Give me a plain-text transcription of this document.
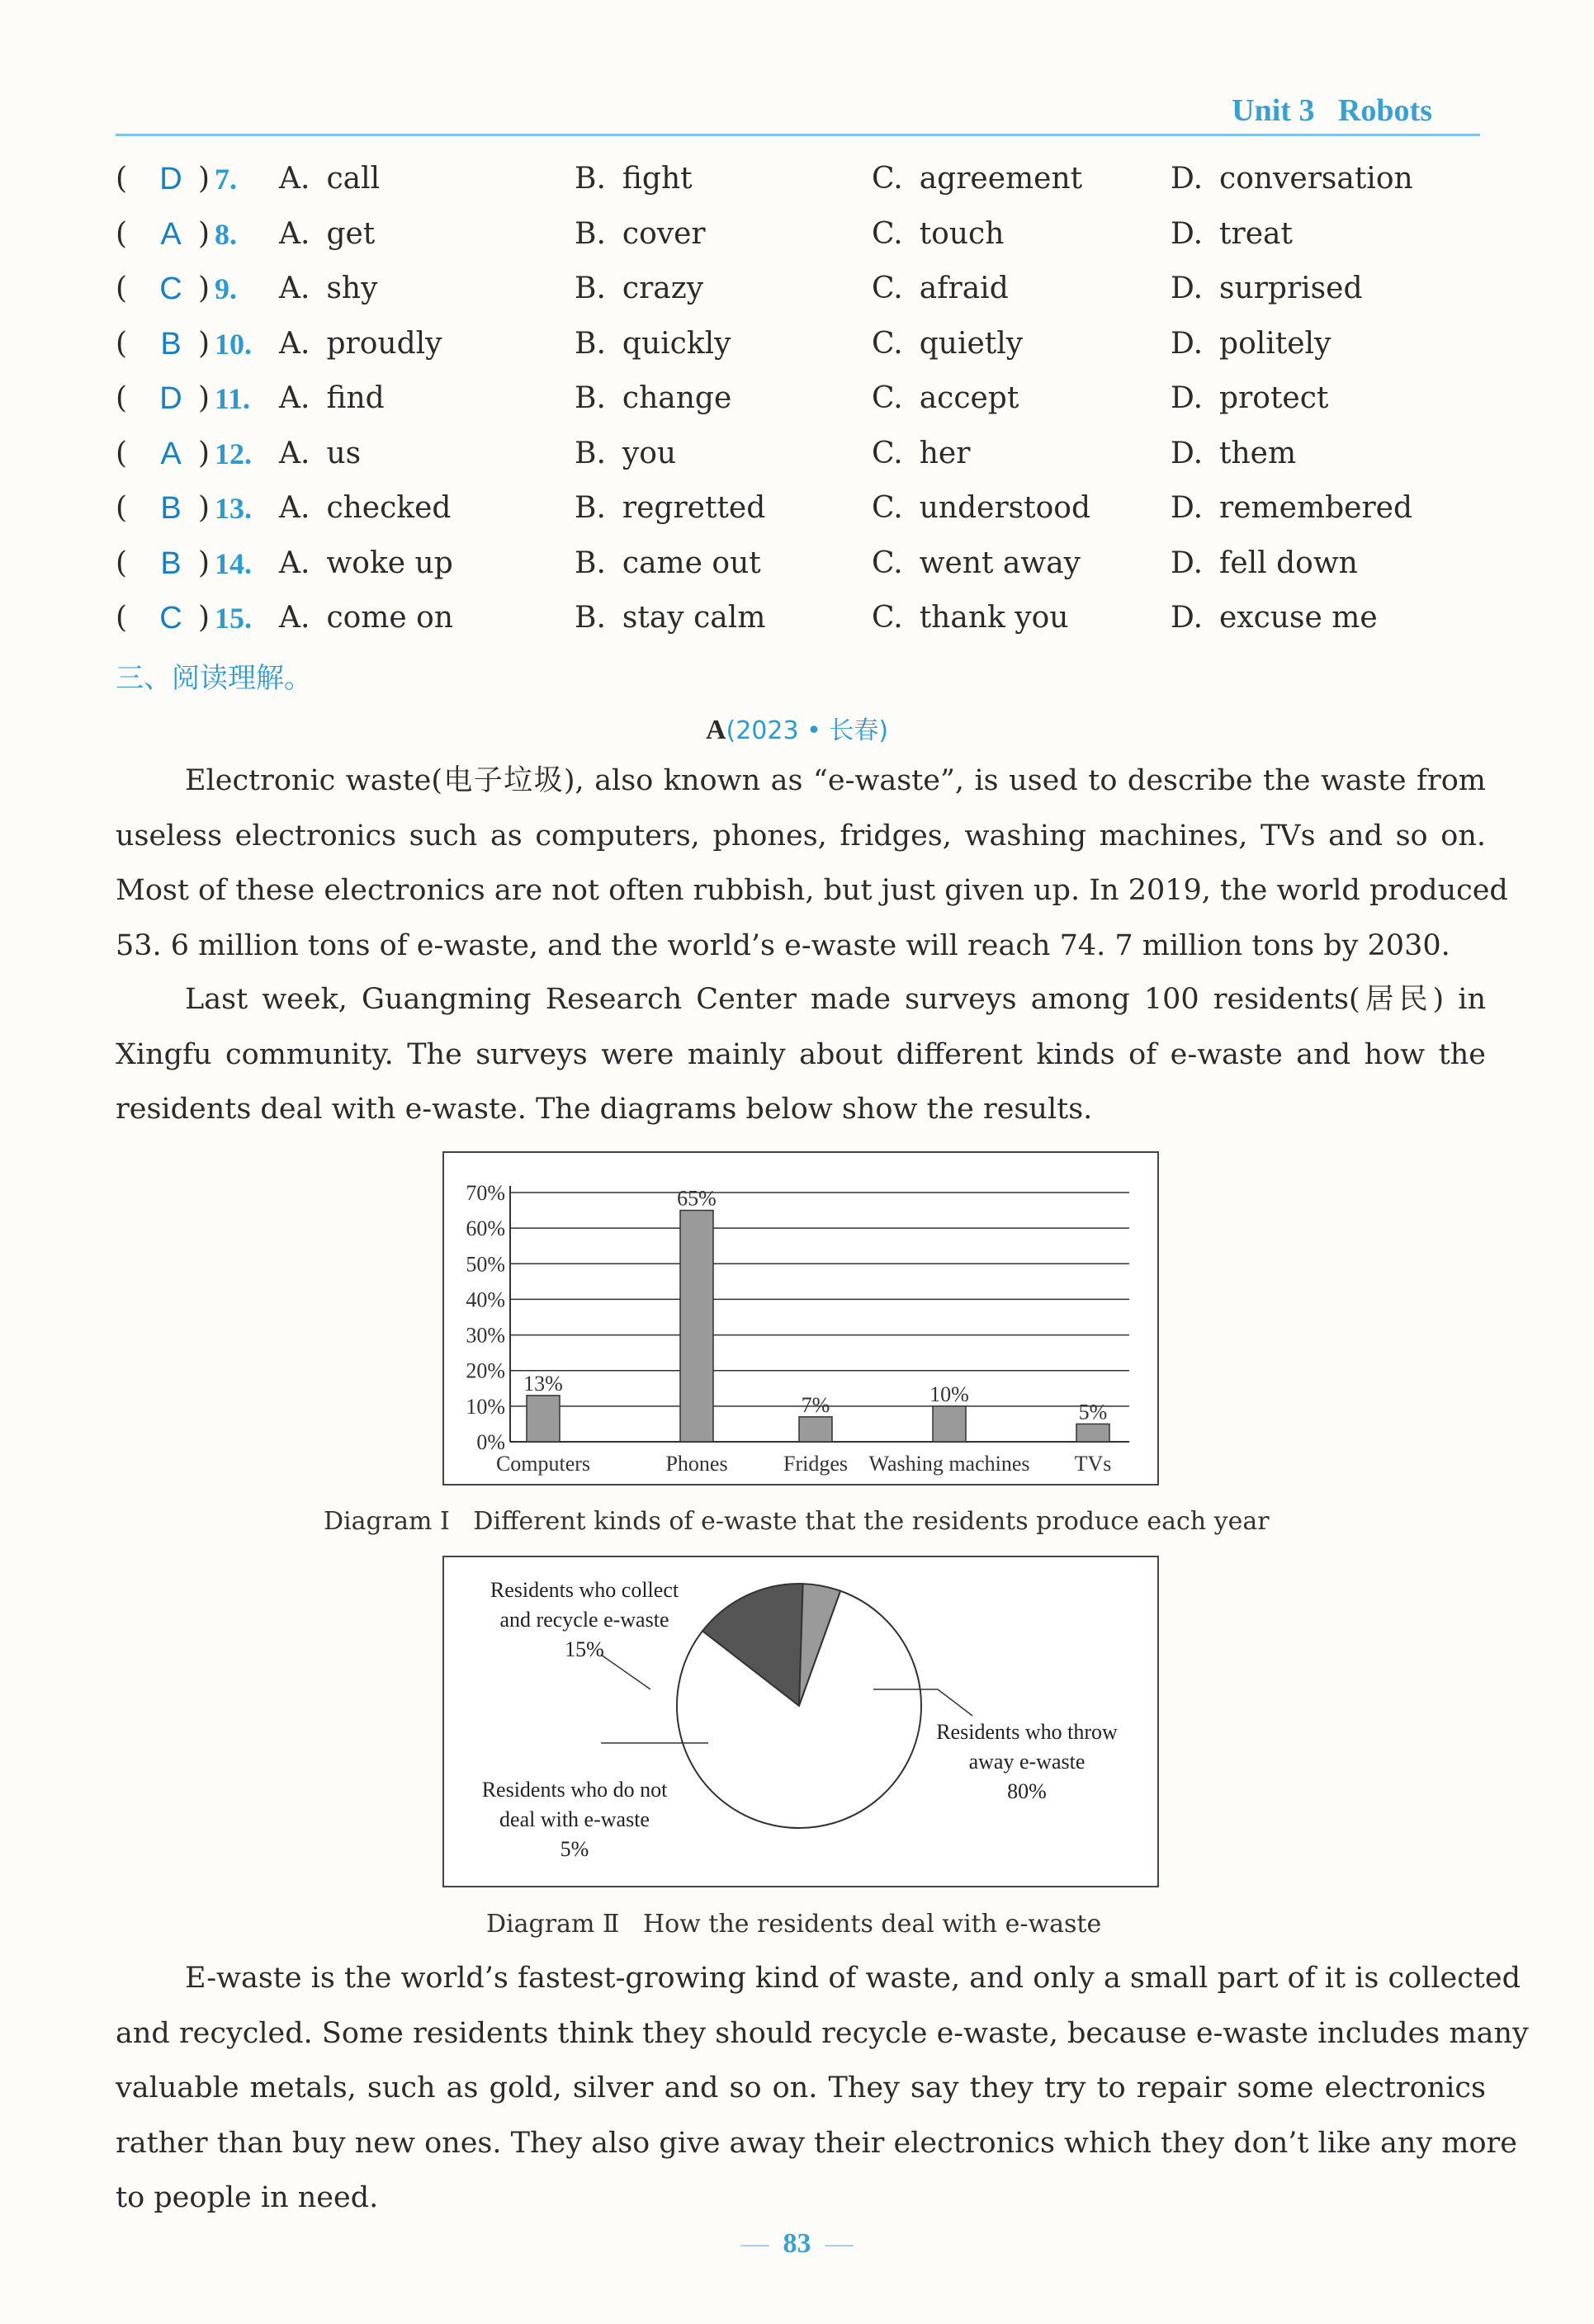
Unit 3 Robots
( D ) 7. A. call	B. fight	C. agreement	D. conversation
( A ) 8. A. get	B. cover	C. touch	D. treat
( C ) 9. A. shy	B. crazy	C. afraid	D. surprised
( B ) 10. A. proudly	B. quickly	C. quietly	D. politely
( D ) 11. A. find	B. change	C. accept	D. protect
( A ) 12. A. us	B. you	C. her	D. them
( B ) 13. A. checked	B. regretted	C. understood	D. remembered
( B ) 14. A. woke up	B. came out	C. went away	D. fell down
( C ) 15. A. come on	B. stay calm	C. thank you	D. excuse me
三、阅读理解。
A(2023 • 长春)
Electronic waste(电子垃圾), also known as “e-waste”, is used to describe the waste from
useless electronics such as computers, phones, fridges, washing machines, TVs and so on.
Most of these electronics are not often rubbish, but just given up. In 2019, the world produced
53. 6 million tons of e-waste, and the world’s e-waste will reach 74. 7 million tons by 2030.
Last week, Guangming Research Center made surveys among 100 residents(居民) in
Xingfu community. The surveys were mainly about different kinds of e-waste and how the
residents deal with e-waste. The diagrams below show the results.
0%
10%
20%
30%
40%
50%
60%
70%
13%
Computers
65%
Phones
7%
Fridges
10%
Washing machines
5%
TVs
Diagram Ⅰ Different kinds of e-waste that the residents produce each year
Residents who collect
and recycle e-waste
15%
Residents who do not
deal with e-waste
5%
Residents who throw
away e-waste
80%
Diagram Ⅱ How the residents deal with e-waste
E-waste is the world’s fastest-growing kind of waste, and only a small part of it is collected
and recycled. Some residents think they should recycle e-waste, because e-waste includes many
valuable metals, such as gold, silver and so on. They say they try to repair some electronics
rather than buy new ones. They also give away their electronics which they don’t like any more
to people in need.
— 83 —
